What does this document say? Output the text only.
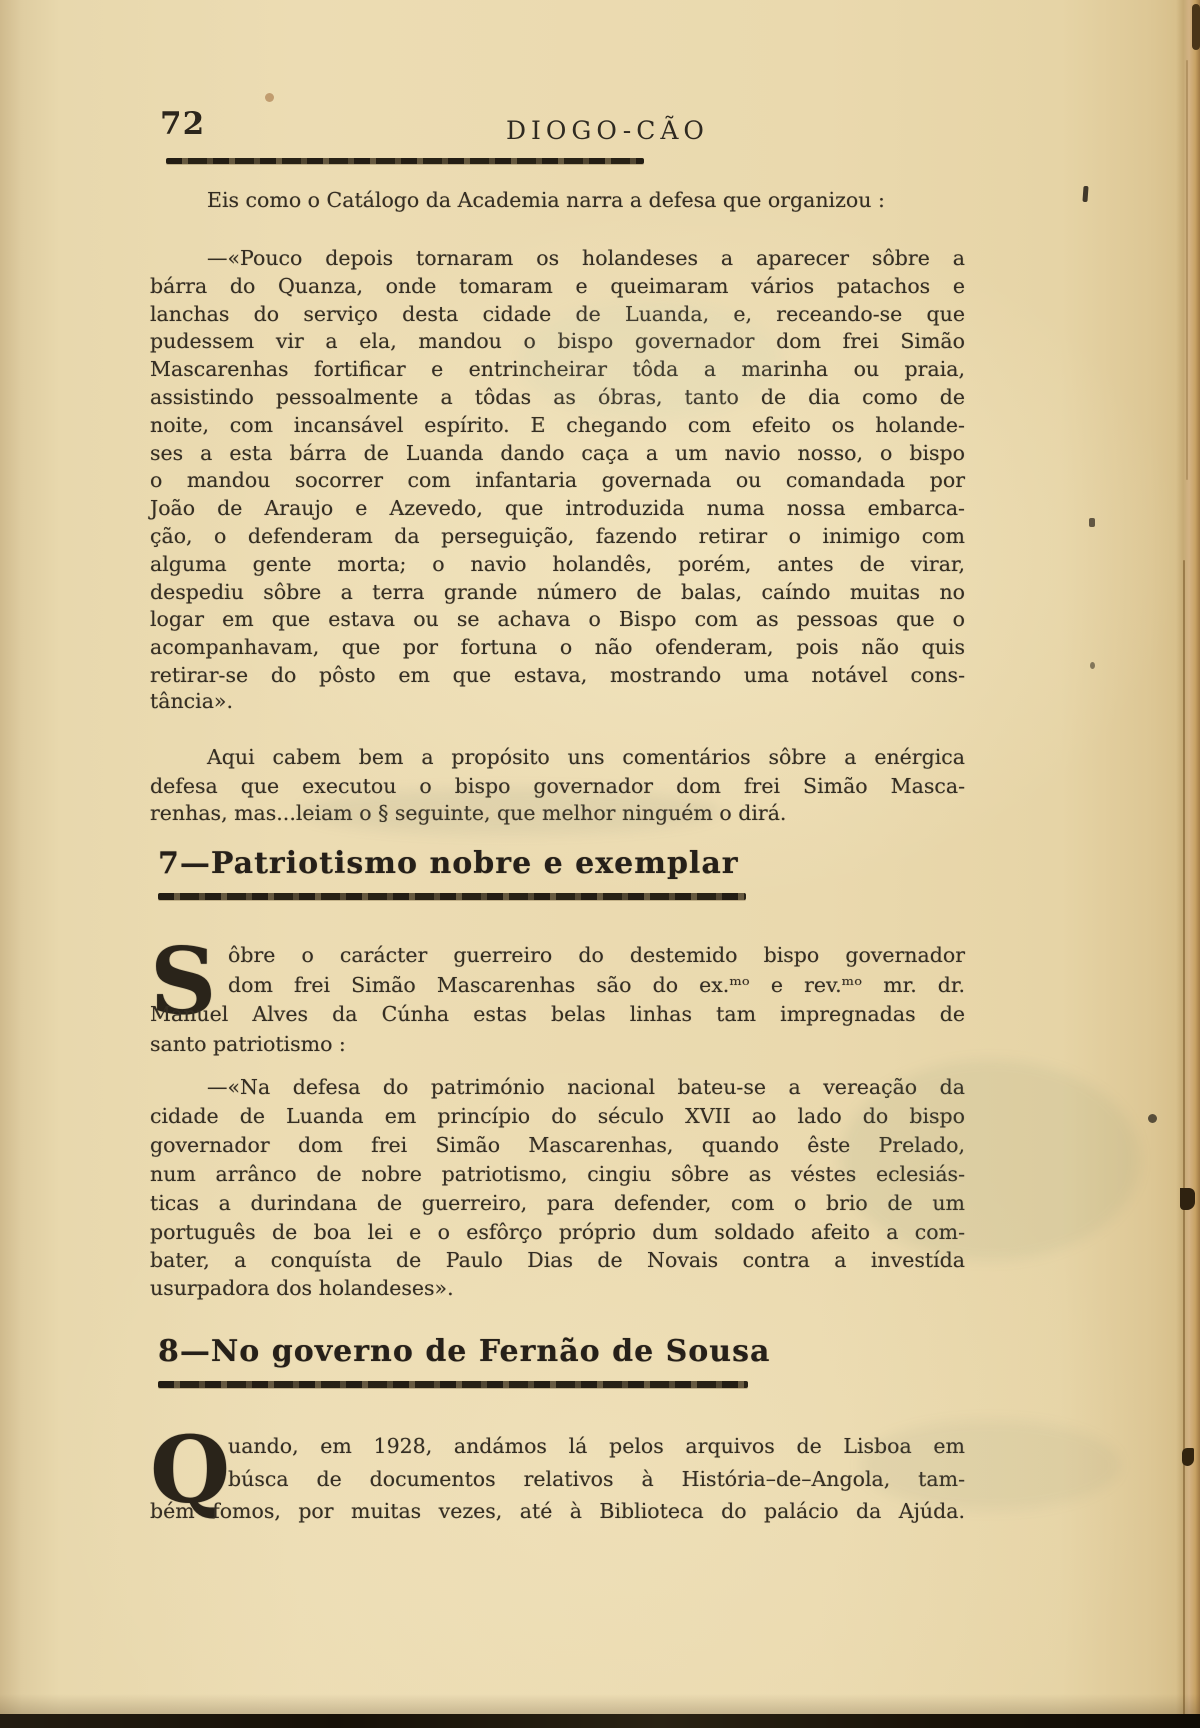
72	DIOGO-CÃO
Eis como o Catálogo da Academia narra a defesa que organizou :
—«Pouco depois tornaram os holandeses a aparecer sôbre a
bárra do Quanza, onde tomaram e queimaram vários patachos e
lanchas do serviço desta cidade de Luanda, e, receando-se que
pudessem vir a ela, mandou o bispo governador dom frei Simão
Mascarenhas fortificar e entrincheirar tôda a marinha ou praia,
assistindo pessoalmente a tôdas as óbras, tanto de dia como de
noite, com incansável espírito. E chegando com efeito os holande-
ses a esta bárra de Luanda dando caça a um navio nosso, o bispo
o mandou socorrer com infantaria governada ou comandada por
João de Araujo e Azevedo, que introduzida numa nossa embarca-
ção, o defenderam da perseguição, fazendo retirar o inimigo com
alguma gente morta; o navio holandês, porém, antes de virar,
despediu sôbre a terra grande número de balas, caíndo muitas no
logar em que estava ou se achava o Bispo com as pessoas que o
acompanhavam, que por fortuna o não ofenderam, pois não quis
retirar-se do pôsto em que estava, mostrando uma notável cons-
tância».
Aqui cabem bem a propósito uns comentários sôbre a enérgica
defesa que executou o bispo governador dom frei Simão Masca-
renhas, mas...leiam o § seguinte, que melhor ninguém o dirá.
7—Patriotismo nobre e exemplar
S ôbre o carácter guerreiro do destemido bispo governador
dom frei Simão Mascarenhas são do ex.ᵐᵒ e rev.ᵐᵒ mr. dr.
Manuel Alves da Cúnha estas belas linhas tam impregnadas de
santo patriotismo :
—«Na defesa do património nacional bateu-se a vereação da
cidade de Luanda em princípio do século XVII ao lado do bispo
governador dom frei Simão Mascarenhas, quando êste Prelado,
num arrânco de nobre patriotismo, cingiu sôbre as véstes eclesiás-
ticas a durindana de guerreiro, para defender, com o brio de um
português de boa lei e o esfôrço próprio dum soldado afeito a com-
bater, a conquísta de Paulo Dias de Novais contra a investída
usurpadora dos holandeses».
8—No governo de Fernão de Sousa
Q
uando, em 1928, andámos lá pelos arquivos de Lisboa em
búsca de documentos relativos à História–de–Angola, tam-
bém fomos, por muitas vezes, até à Biblioteca do palácio da Ajúda.
